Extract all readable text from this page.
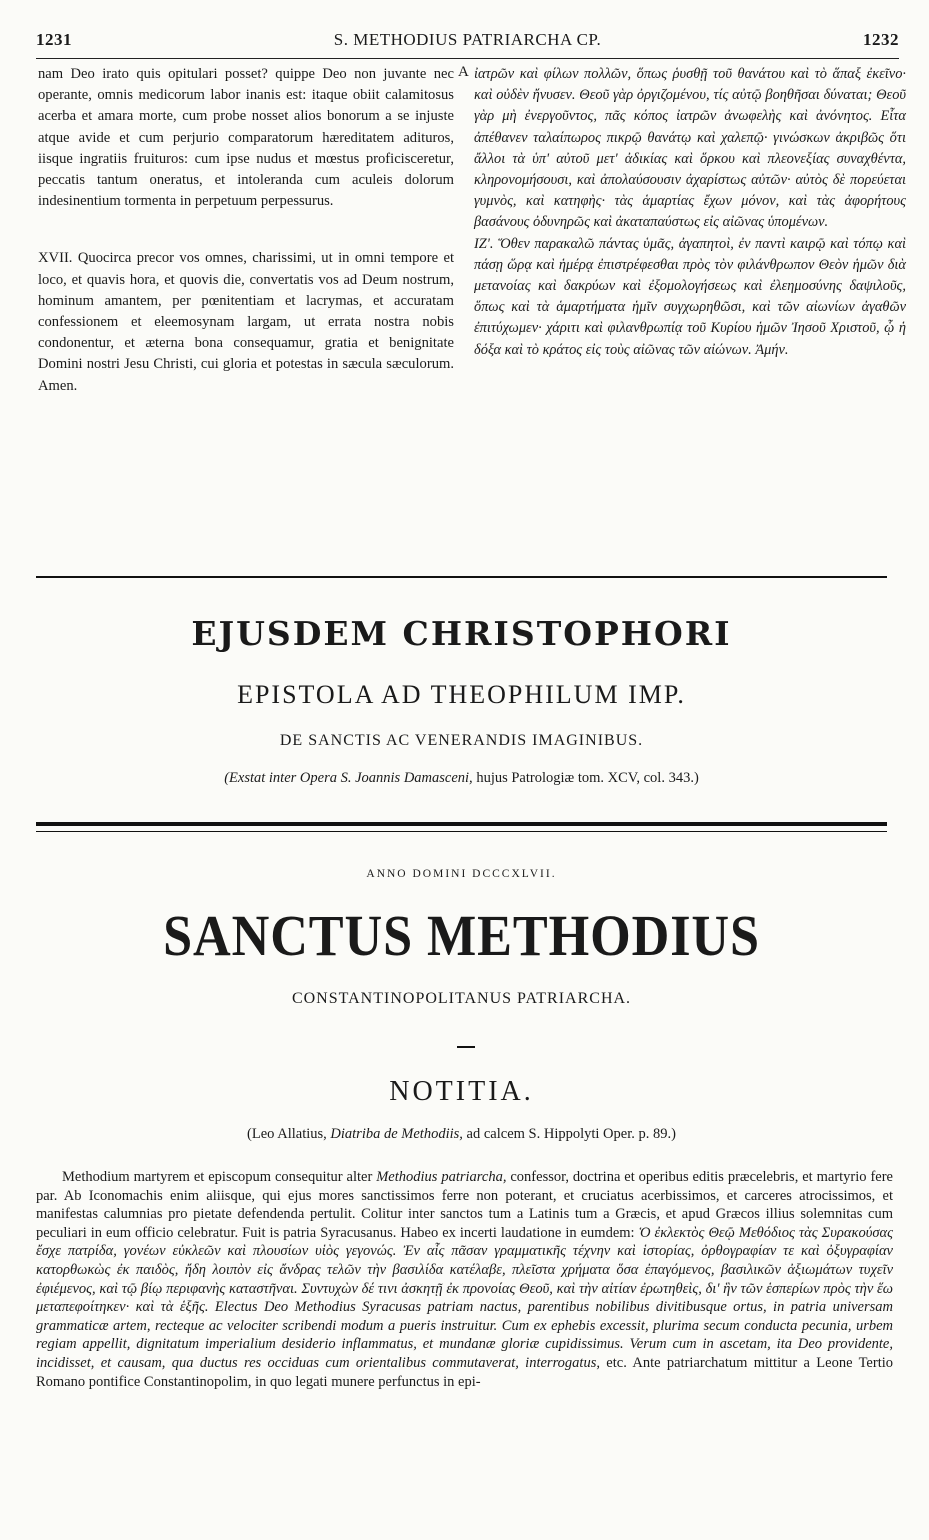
1231	S. METHODIUS PATRIARCHA CP.	1232

nam Deo irato quis opitulari posset? quippe Deo non juvante nec operante, omnis medicorum labor inanis est: itaque obiit calamitosus acerba et amara morte, cum probe nosset alios bonorum a se injuste atque avide et cum perjurio comparatorum hæreditatem adituros, iisque ingratiis fruituros: cum ipse nudus et mœstus proficisceretur, peccatis tantum oneratus, et intoleranda cum aculeis dolorum indesinentium tormenta in perpetuum perpessurus.

XVII. Quocirca precor vos omnes, charissimi, ut in omni tempore et loco, et quavis hora, et quovis die, convertatis vos ad Deum nostrum, hominum amantem, per pœnitentiam et lacrymas, et accuratam confessionem et eleemosynam largam, ut errata nostra nobis condonentur, et æterna bona consequamur, gratia et benignitate Domini nostri Jesu Christi, cui gloria et potestas in sæcula sæculorum. Amen.

A ἰατρῶν καὶ φίλων πολλῶν, ὅπως ῥυσθῇ τοῦ θανάτου καὶ τὸ ἅπαξ ἐκεῖνο· καὶ οὐδὲν ἤνυσεν. Θεοῦ γὰρ ὀργιζομένου, τίς αὐτῷ βοηθῆσαι δύναται; Θεοῦ γὰρ μὴ ἐνεργοῦντος, πᾶς κόπος ἰατρῶν ἀνωφελὴς καὶ ἀνόνητος. Εἶτα ἀπέθανεν ταλαίπωρος πικρῷ θανάτῳ καὶ χαλεπῷ· γινώσκων ἀκριβῶς ὅτι ἄλλοι τὰ ὑπ' αὐτοῦ μετ' ἀδικίας καὶ ὅρκου καὶ πλεονεξίας συναχθέντα, κληρονομήσουσι, καὶ ἀπολαύσουσιν ἀχαρίστως αὐτῶν· αὐτὸς δὲ πορεύεται γυμνὸς, καὶ κατηφὴς· τὰς ἁμαρτίας ἔχων μόνον, καὶ τὰς ἀφορήτους βασάνους ὀδυνηρῶς καὶ ἀκαταπαύστως εἰς αἰῶνας ὑπομένων.

ΙΖ'. Ὅθεν παρακαλῶ πάντας ὑμᾶς, ἀγαπητοὶ, ἐν παντὶ καιρῷ καὶ τόπῳ καὶ πάσῃ ὥρᾳ καὶ ἡμέρᾳ ἐπιστρέφεσθαι πρὸς τὸν φιλάνθρωπον Θεὸν ἡμῶν διὰ μετανοίας καὶ δακρύων καὶ ἐξομολογήσεως καὶ ἐλεημοσύνης δαψιλοῦς, ὅπως καὶ τὰ ἁμαρτήματα ἡμῖν συγχωρηθῶσι, καὶ τῶν αἰωνίων ἀγαθῶν ἐπιτύχωμεν· χάριτι καὶ φιλανθρωπίᾳ τοῦ Κυρίου ἡμῶν Ἰησοῦ Χριστοῦ, ᾧ ἡ δόξα καὶ τὸ κράτος εἰς τοὺς αἰῶνας τῶν αἰώνων. Ἀμήν.

EJUSDEM CHRISTOPHORI
EPISTOLA AD THEOPHILUM IMP.
DE SANCTIS AC VENERANDIS IMAGINIBUS.
(Exstat inter Opera S. Joannis Damasceni, hujus Patrologiæ tom. XCV, col. 343.)
ANNO DOMINI DCCCXLVII.
SANCTUS METHODIUS
CONSTANTINOPOLITANUS PATRIARCHA.
NOTITIA.
(Leo Allatius, Diatriba de Methodiis, ad calcem S. Hippolyti Oper. p. 89.)
Methodium martyrem et episcopum consequitur alter Methodius patriarcha, confessor, doctrina et operibus editis præcelebris, et martyrio fere par. Ab Iconomachis enim aliisque, qui ejus mores sanctissimos ferre non poterant, et cruciatus acerbissimos, et carceres atrocissimos, et manifestas calumnias pro pietate defendenda pertulit. Colitur inter sanctos tum a Latinis tum a Græcis, et apud Græcos illius solemnitas cum peculiari in eum officio celebratur. Fuit is patria Syracusanus. Habeo ex incerti laudatione in eumdem: Ὁ ἐκλεκτὸς Θεῷ Μεθόδιος τὰς Συρακούσας ἔσχε πατρίδα, γονέων εὐκλεῶν καὶ πλουσίων υἱὸς γεγονώς. Ἐν αἷς πᾶσαν γραμματικῆς τέχνην καὶ ἱστορίας, ὀρθογραφίαν τε καὶ ὀξυγραφίαν κατορθωκὼς ἐκ παιδὸς, ἤδη λοιπὸν εἰς ἄνδρας τελῶν τὴν βασιλίδα κατέλαβε, πλεῖστα χρήματα ὅσα ἐπαγόμενος, βασιλικῶν ἀξιωμάτων τυχεῖν ἐφιέμενος, καὶ τῷ βίῳ περιφανὴς καταστῆναι. Συντυχὼν δέ τινι ἀσκητῇ ἐκ προνοίας Θεοῦ, καὶ τὴν αἰτίαν ἐρωτηθεὶς, δι' ἣν τῶν ἑσπερίων πρὸς τὴν ἕω μεταπεφοίτηκεν· καὶ τὰ ἑξῆς. Electus Deo Methodius Syracusas patriam nactus, parentibus nobilibus divitibusque ortus, in patria universam grammaticæ artem, recteque ac velociter scribendi modum a pueris instruitur. Cum ex ephebis excessit, plurima secum conducta pecunia, urbem regiam appellit, dignitatum imperialium desiderio inflammatus, et mundanæ gloriæ cupidissimus. Verum cum in ascetam, ita Deo providente, incidisset, et causam, qua ductus res occiduas cum orientalibus commutaverat, interrogatus, etc. Ante patriarchatum mittitur a Leone Tertio Romano pontifice Constantinopolim, in quo legati munere perfunctus in epi-
